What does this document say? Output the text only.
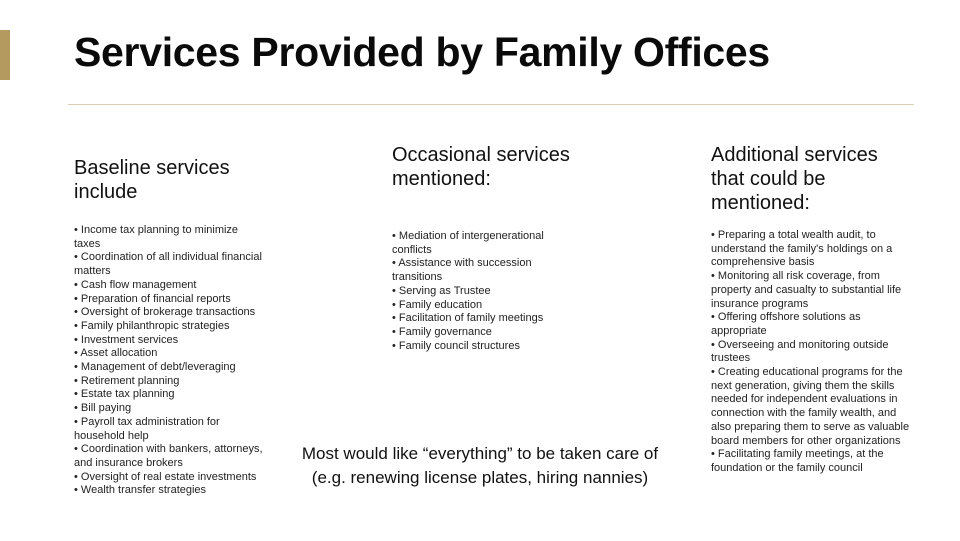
Services Provided by Family Offices
Baseline services
include
• Income tax planning to minimize taxes
• Coordination of all individual financial matters
• Cash flow management
• Preparation of financial reports
• Oversight of brokerage transactions
• Family philanthropic strategies
• Investment services
• Asset allocation
• Management of debt/leveraging
• Retirement planning
• Estate tax planning
• Bill paying
• Payroll tax administration for household help
• Coordination with bankers, attorneys, and insurance brokers
• Oversight of real estate investments
• Wealth transfer strategies
Occasional services
mentioned:
• Mediation of intergenerational conflicts
• Assistance with succession transitions
• Serving as Trustee
• Family education
• Facilitation of family meetings
• Family governance
• Family council structures
Additional services
that could be
mentioned:
• Preparing a total wealth audit, to understand the family's holdings on a comprehensive basis
• Monitoring all risk coverage, from property and casualty to substantial life insurance programs
• Offering offshore solutions as appropriate
• Overseeing and monitoring outside trustees
• Creating educational programs for the next generation, giving them the skills needed for independent evaluations in connection with the family wealth, and also preparing them to serve as valuable board members for other organizations
• Facilitating family meetings, at the foundation or the family council
Most would like “everything” to be taken care of
(e.g. renewing license plates, hiring nannies)
